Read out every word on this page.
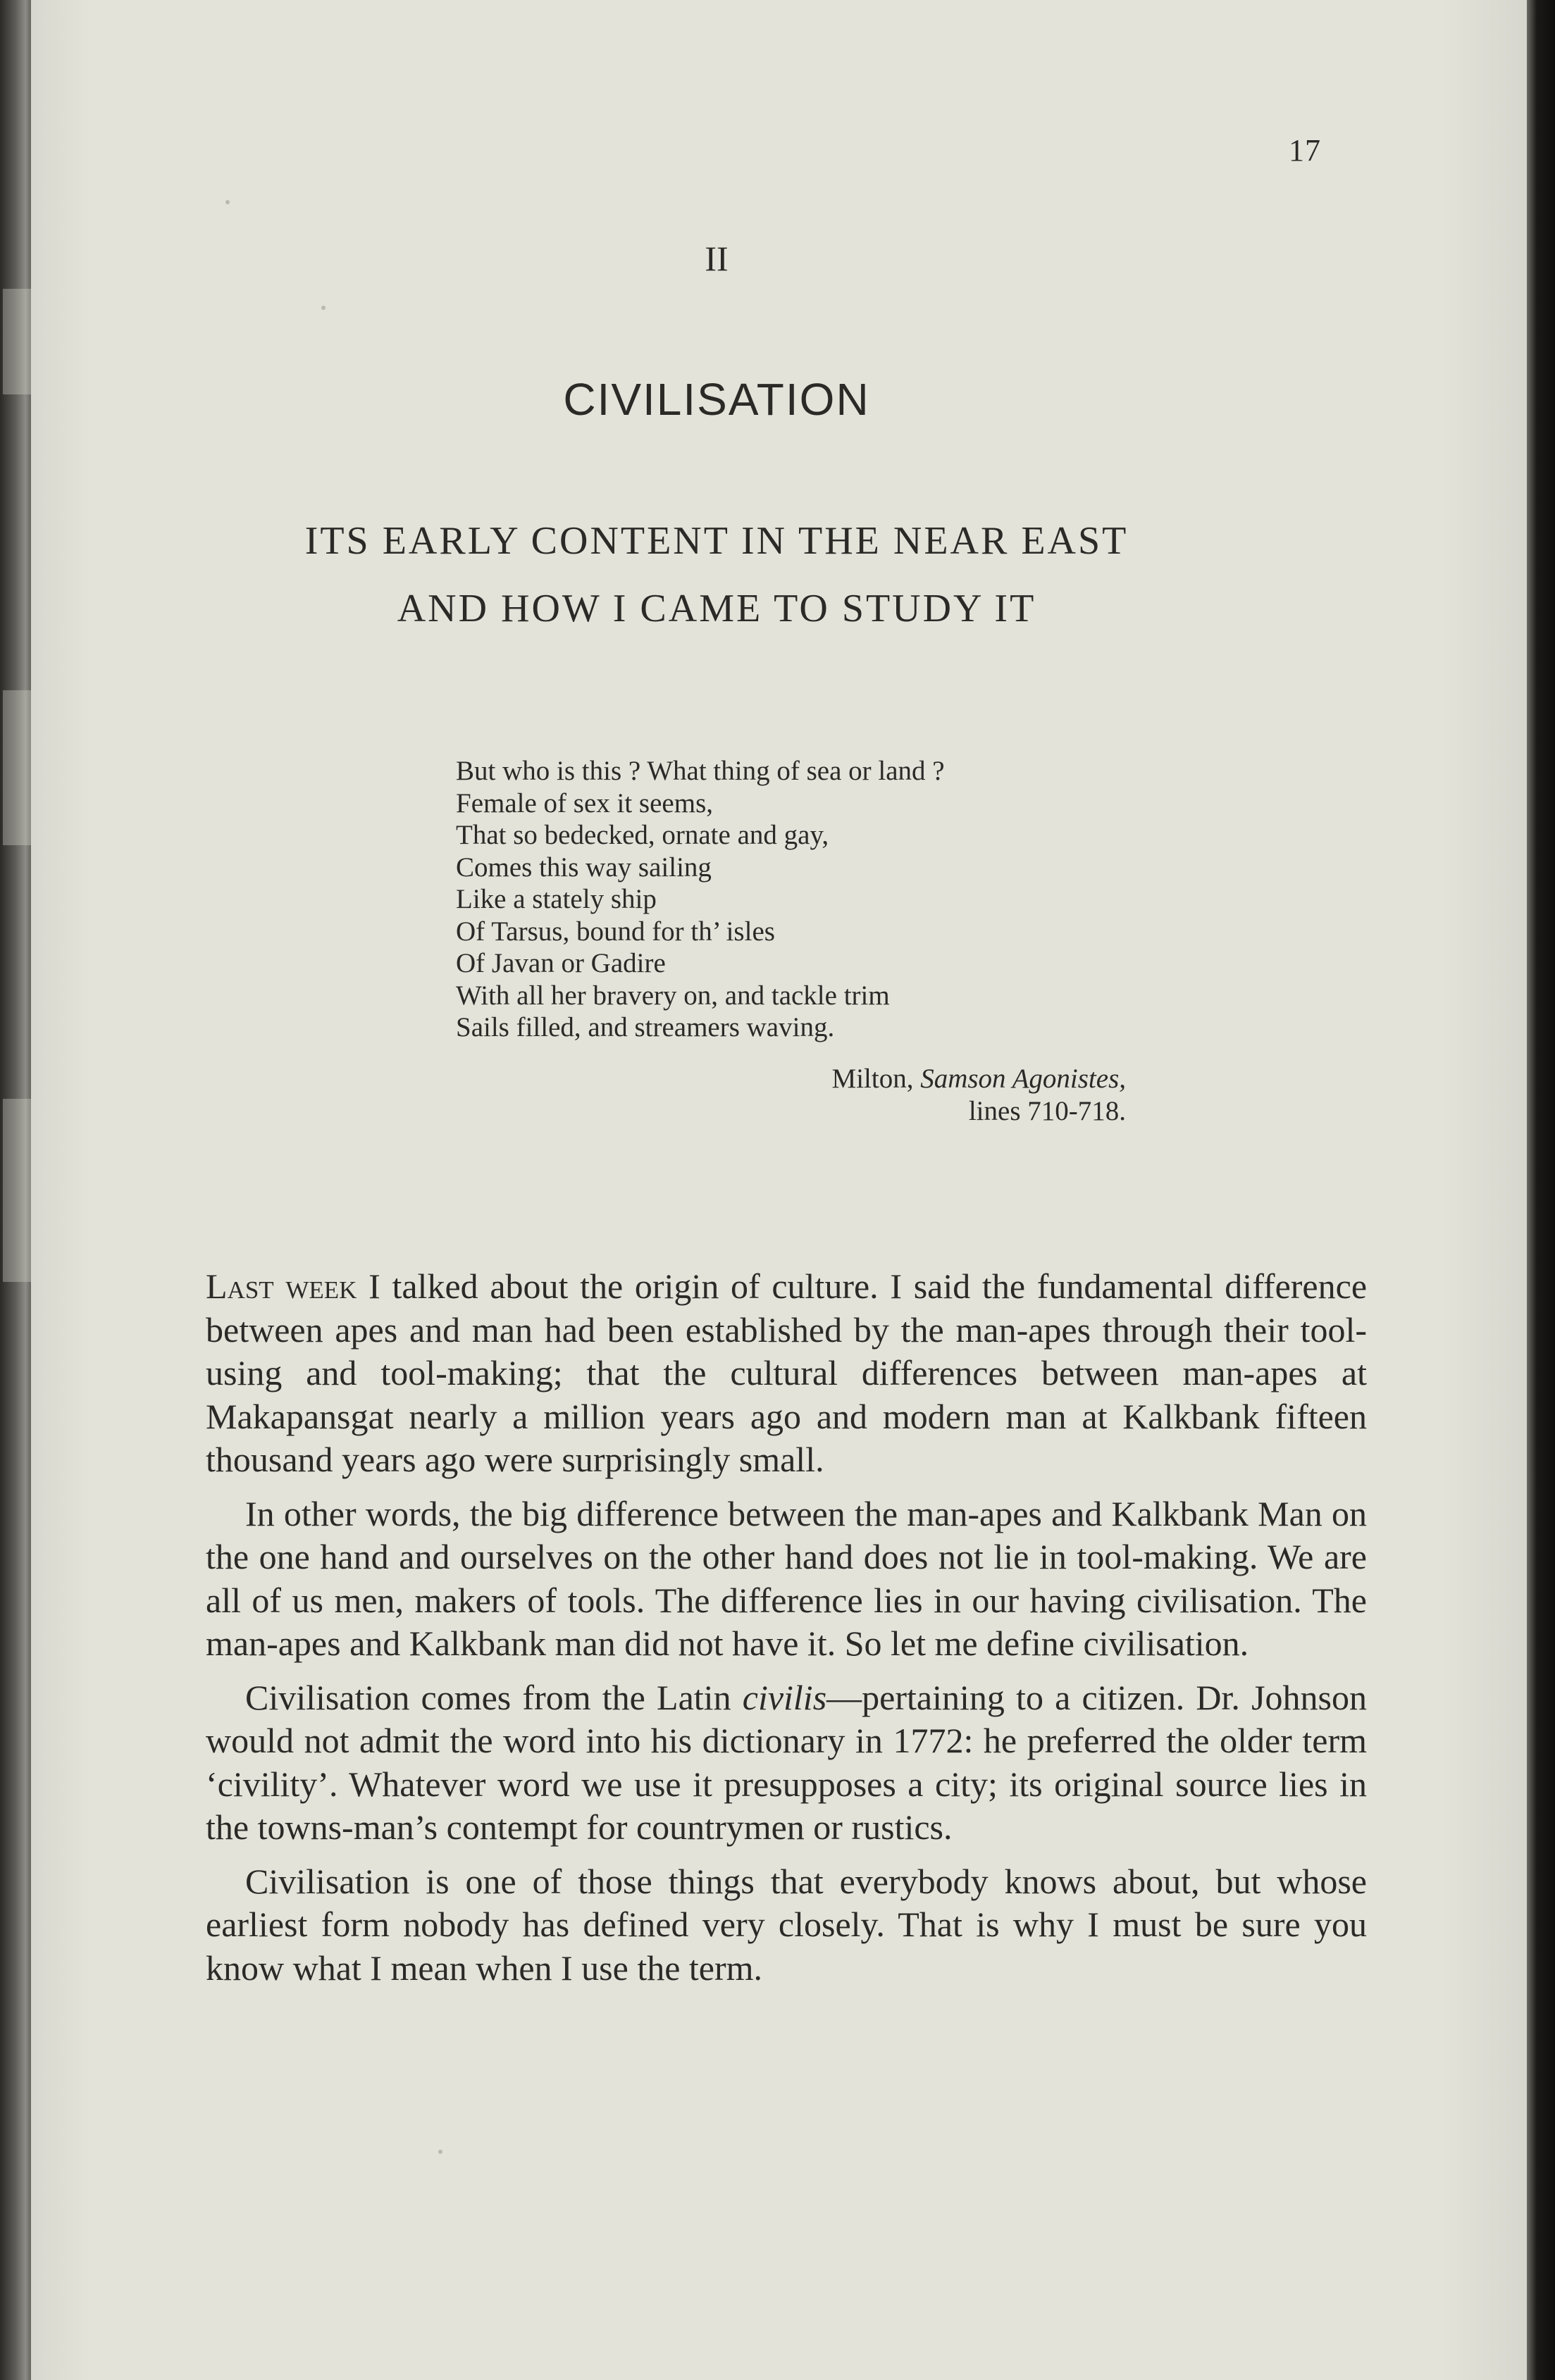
17
II
CIVILISATION
ITS EARLY CONTENT IN THE NEAR EAST
AND HOW I CAME TO STUDY IT
But who is this ? What thing of sea or land ?
Female of sex it seems,
That so bedecked, ornate and gay,
Comes this way sailing
Like a stately ship
Of Tarsus, bound for th’ isles
Of Javan or Gadire
With all her bravery on, and tackle trim
Sails filled, and streamers waving.
Milton, Samson Agonistes,
lines 710-718.

Last week I talked about the origin of culture. I said the fundamental difference between apes and man had been established by the man-apes through their tool-using and tool-making; that the cultural differences between man-apes at Makapansgat nearly a million years ago and modern man at Kalkbank fifteen thousand years ago were surprisingly small.

In other words, the big difference between the man-apes and Kalkbank Man on the one hand and ourselves on the other hand does not lie in tool-making. We are all of us men, makers of tools. The difference lies in our having civilisation. The man-apes and Kalkbank man did not have it. So let me define civilisation.

Civilisation comes from the Latin civilis—pertaining to a citizen. Dr. Johnson would not admit the word into his dictionary in 1772: he preferred the older term ‘civility’. Whatever word we use it presupposes a city; its original source lies in the towns-man’s contempt for countrymen or rustics.

Civilisation is one of those things that everybody knows about, but whose earliest form nobody has defined very closely. That is why I must be sure you know what I mean when I use the term.
